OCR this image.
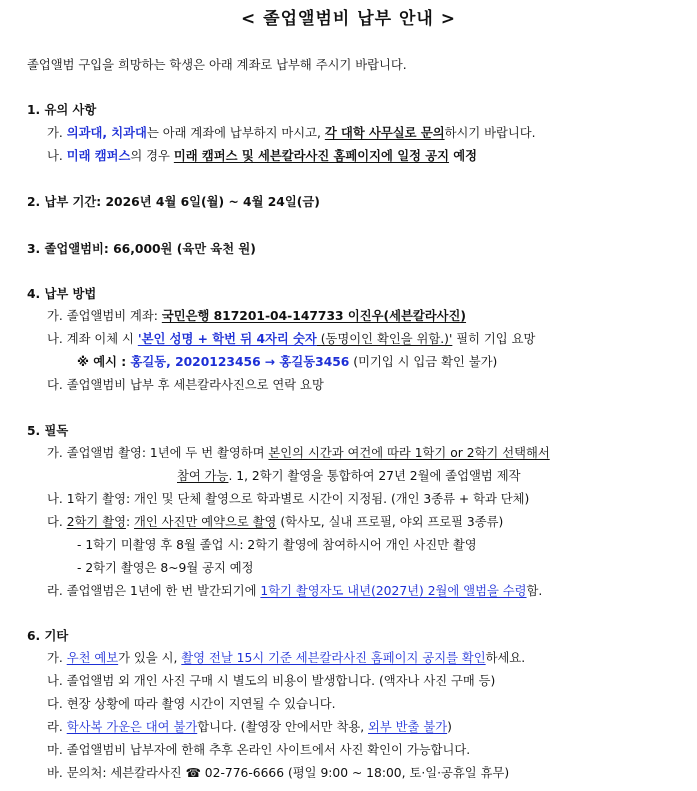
< 졸업앨범비 납부 안내 >
졸업앨범 구입을 희망하는 학생은 아래 계좌로 납부해 주시기 바랍니다.
1. 유의 사항
가. 의과대, 치과대는 아래 계좌에 납부하지 마시고, 각 대학 사무실로 문의하시기 바랍니다.
나. 미래 캠퍼스의 경우 미래 캠퍼스 및 세븐칼라사진 홈페이지에 일정 공지 예정
2. 납부 기간: 2026년 4월 6일(월) ~ 4월 24일(금)
3. 졸업앨범비: 66,000원 (육만 육천 원)
4. 납부 방법
가. 졸업앨범비 계좌: 국민은행 817201-04-147733 이진우(세븐칼라사진)
나. 계좌 이체 시 '본인 성명 + 학번 뒤 4자리 숫자 (동명이인 확인을 위함.)' 필히 기입 요망
※ 예시 : 홍길동, 2020123456 → 홍길동3456 (미기입 시 입금 확인 불가)
다. 졸업앨범비 납부 후 세븐칼라사진으로 연락 요망
5. 필독
가. 졸업앨범 촬영: 1년에 두 번 촬영하며 본인의 시간과 여건에 따라 1학기 or 2학기 선택해서
참여 가능. 1, 2학기 촬영을 통합하여 27년 2월에 졸업앨범 제작
나. 1학기 촬영: 개인 및 단체 촬영으로 학과별로 시간이 지정됨. (개인 3종류 + 학과 단체)
다. 2학기 촬영: 개인 사진만 예약으로 촬영 (학사모, 실내 프로필, 야외 프로필 3종류)
- 1학기 미촬영 후 8월 졸업 시: 2학기 촬영에 참여하시어 개인 사진만 촬영
- 2학기 촬영은 8~9월 공지 예정
라. 졸업앨범은 1년에 한 번 발간되기에 1학기 촬영자도 내년(2027년) 2월에 앨범을 수령함.
6. 기타
가. 우천 예보가 있을 시, 촬영 전날 15시 기준 세븐칼라사진 홈페이지 공지를 확인하세요.
나. 졸업앨범 외 개인 사진 구매 시 별도의 비용이 발생합니다. (액자나 사진 구매 등)
다. 현장 상황에 따라 촬영 시간이 지연될 수 있습니다.
라. 학사복 가운은 대여 불가합니다. (촬영장 안에서만 착용, 외부 반출 불가)
마. 졸업앨범비 납부자에 한해 추후 온라인 사이트에서 사진 확인이 가능합니다.
바. 문의처: 세븐칼라사진 ☎ 02-776-6666 (평일 9:00 ~ 18:00, 토·일·공휴일 휴무)
